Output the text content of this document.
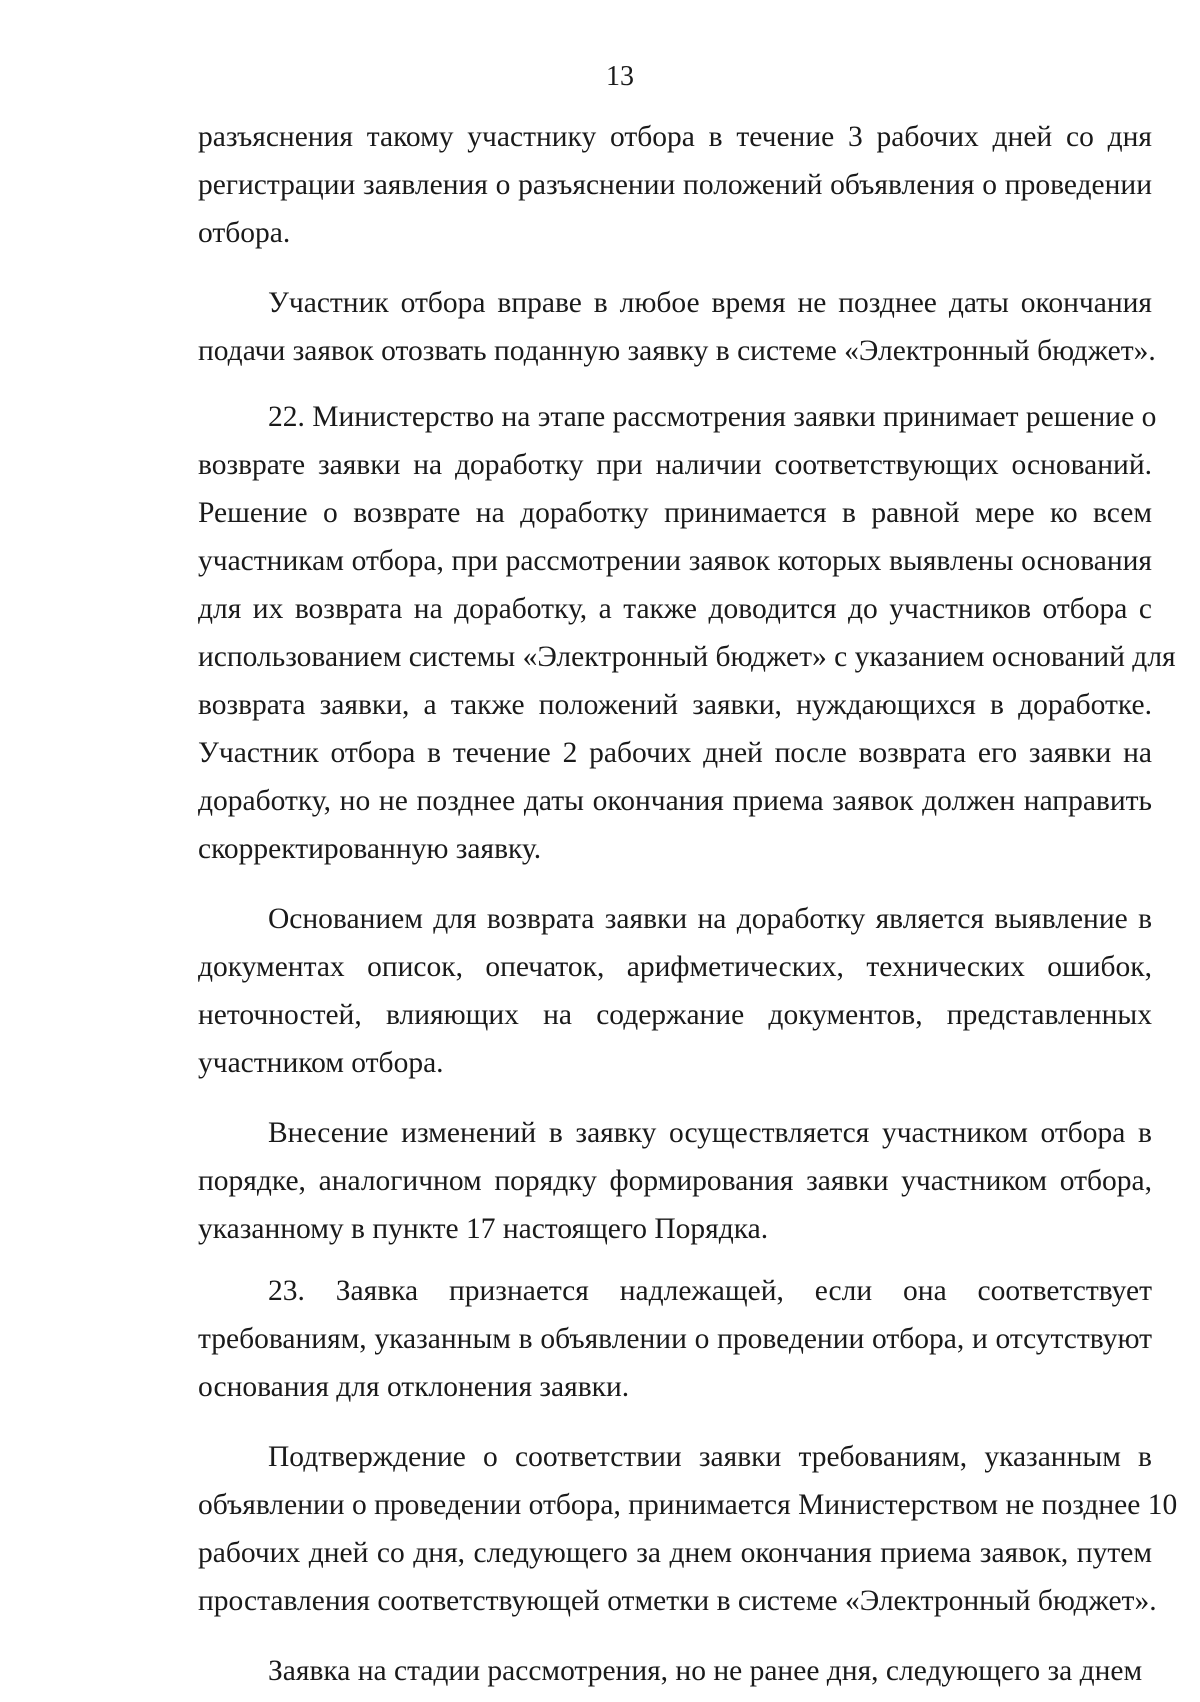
13

разъяснения такому участнику отбора в течение 3 рабочих дней со дня
регистрации заявления о разъяснении положений объявления о проведении
отбора.

Участник отбора вправе в любое время не позднее даты окончания
подачи заявок отозвать поданную заявку в системе «Электронный бюджет».

22. Министерство на этапе рассмотрения заявки принимает решение о
возврате заявки на доработку при наличии соответствующих оснований.
Решение о возврате на доработку принимается в равной мере ко всем
участникам отбора, при рассмотрении заявок которых выявлены основания
для их возврата на доработку, а также доводится до участников отбора с
использованием системы «Электронный бюджет» с указанием оснований для
возврата заявки, а также положений заявки, нуждающихся в доработке.
Участник отбора в течение 2 рабочих дней после возврата его заявки на
доработку, но не позднее даты окончания приема заявок должен направить
скорректированную заявку.

Основанием для возврата заявки на доработку является выявление в
документах описок, опечаток, арифметических, технических ошибок,
неточностей, влияющих на содержание документов, представленных
участником отбора.

Внесение изменений в заявку осуществляется участником отбора в
порядке, аналогичном порядку формирования заявки участником отбора,
указанному в пункте 17 настоящего Порядка.

23. Заявка признается надлежащей, если она соответствует
требованиям, указанным в объявлении о проведении отбора, и отсутствуют
основания для отклонения заявки.

Подтверждение о соответствии заявки требованиям, указанным в
объявлении о проведении отбора, принимается Министерством не позднее 10
рабочих дней со дня, следующего за днем окончания приема заявок, путем
проставления соответствующей отметки в системе «Электронный бюджет».

Заявка на стадии рассмотрения, но не ранее дня, следующего за днем
